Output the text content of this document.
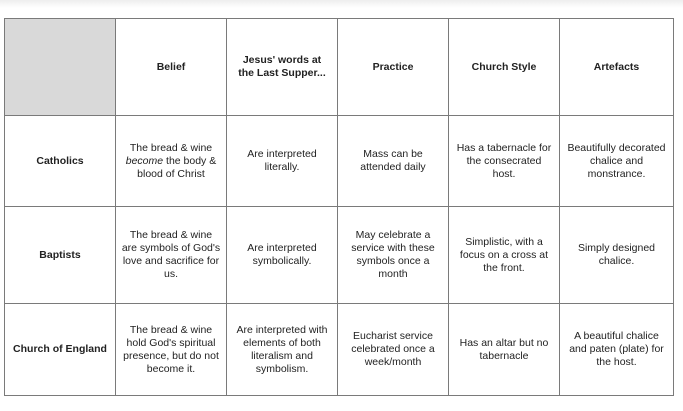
	Belief	Jesus' words at the Last Supper...	Practice	Church Style	Artefacts
Catholics	The bread & wine become the body & blood of Christ	Are interpreted literally.	Mass can be attended daily	Has a tabernacle for the consecrated host.	Beautifully decorated chalice and monstrance.
Baptists	The bread & wine are symbols of God's love and sacrifice for us.	Are interpreted symbolically.	May celebrate a service with these symbols once a month	Simplistic, with a focus on a cross at the front.	Simply designed chalice.
Church of England	The bread & wine hold God's spiritual presence, but do not become it.	Are interpreted with elements of both literalism and symbolism.	Eucharist service celebrated once a week/month	Has an altar but no tabernacle	A beautiful chalice and paten (plate) for the host.
